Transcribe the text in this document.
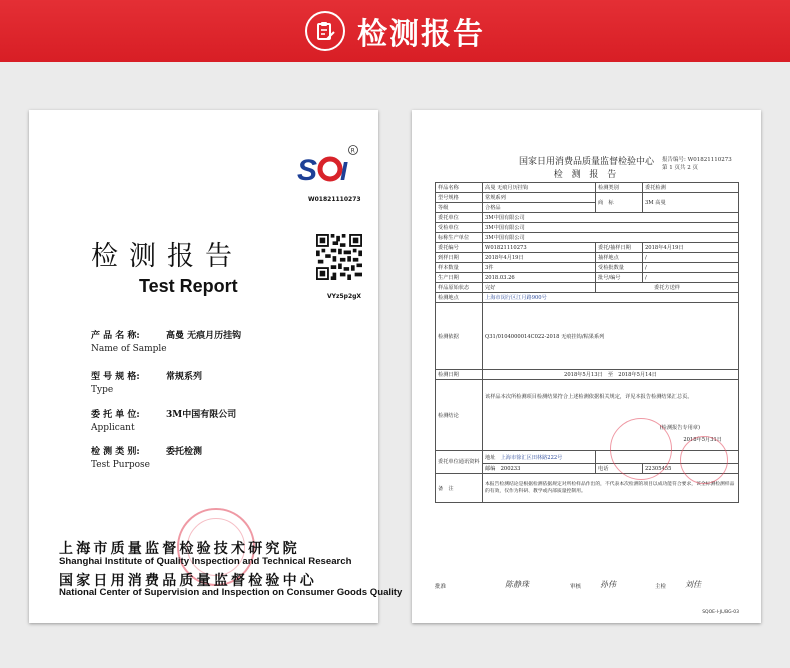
检测报告
S I
R
W01821110273
检测报告
Test Report
VYz5p2gX
产 品 名 称:
Name of Sample
高曼 无痕月历挂钩
型 号 规 格:
Type
常规系列
委 托 单 位:
Applicant
3M中国有限公司
检 测 类 别:
Test Purpose
委托检测
上海市质量监督检验技术研究院
Shanghai Institute of Quality Inspection and Technical Research
国家日用消费品质量监督检验中心
National Center of Supervision and Inspection on Consumer Goods Quality
国家日用消费品质量监督检验中心
检 测 报 告
报告编号: W01821110273
第 1 页共 2 页
样品名称	高曼 无痕月历挂钩	检测类别	委托检测
型号规格	常规系列	商　标	3M 高曼
等级	合格品		
委托单位	3M中国有限公司		
受检单位	3M中国有限公司		
标称生产单位	3M中国有限公司		
委托编号	W01821110273	委托/抽样日期	2018年4月19日
到样日期	2018年4月19日	抽样地点	/
样本数量	3件	受检批数量	/
生产日期	2018.03.26	批号/编号	/
样品原始状态	完好	委托方送样	
检测地点	上海市闵行区江月路900号		
检测依据	Q31/0104000014C022-2018 无痕挂钩/粘果系列		
检测日期	2018年5月13日　至　2018年5月14日		
检测结论	该样品本次所检测项目检测结果符合上述检测依据相关规定，详见本报告检测结果汇总页。
(检测报告专用章)
2018年5月31日		

委托单位通讯资料	地址　 上海市徐汇区田林路222号		
	邮编　 200233	电话	22305455
备　注	本报告检测结论是根据检测依据规定对所检样品作出的，不代表本次检测的项目以成功能符合要求，该全标测检测样品的有效，仅作为科研、教学或内部质量控制用。		
批准	陈静珠	审核 孙伟	主检 刘佳
SQOE-I-JL/BG-03
